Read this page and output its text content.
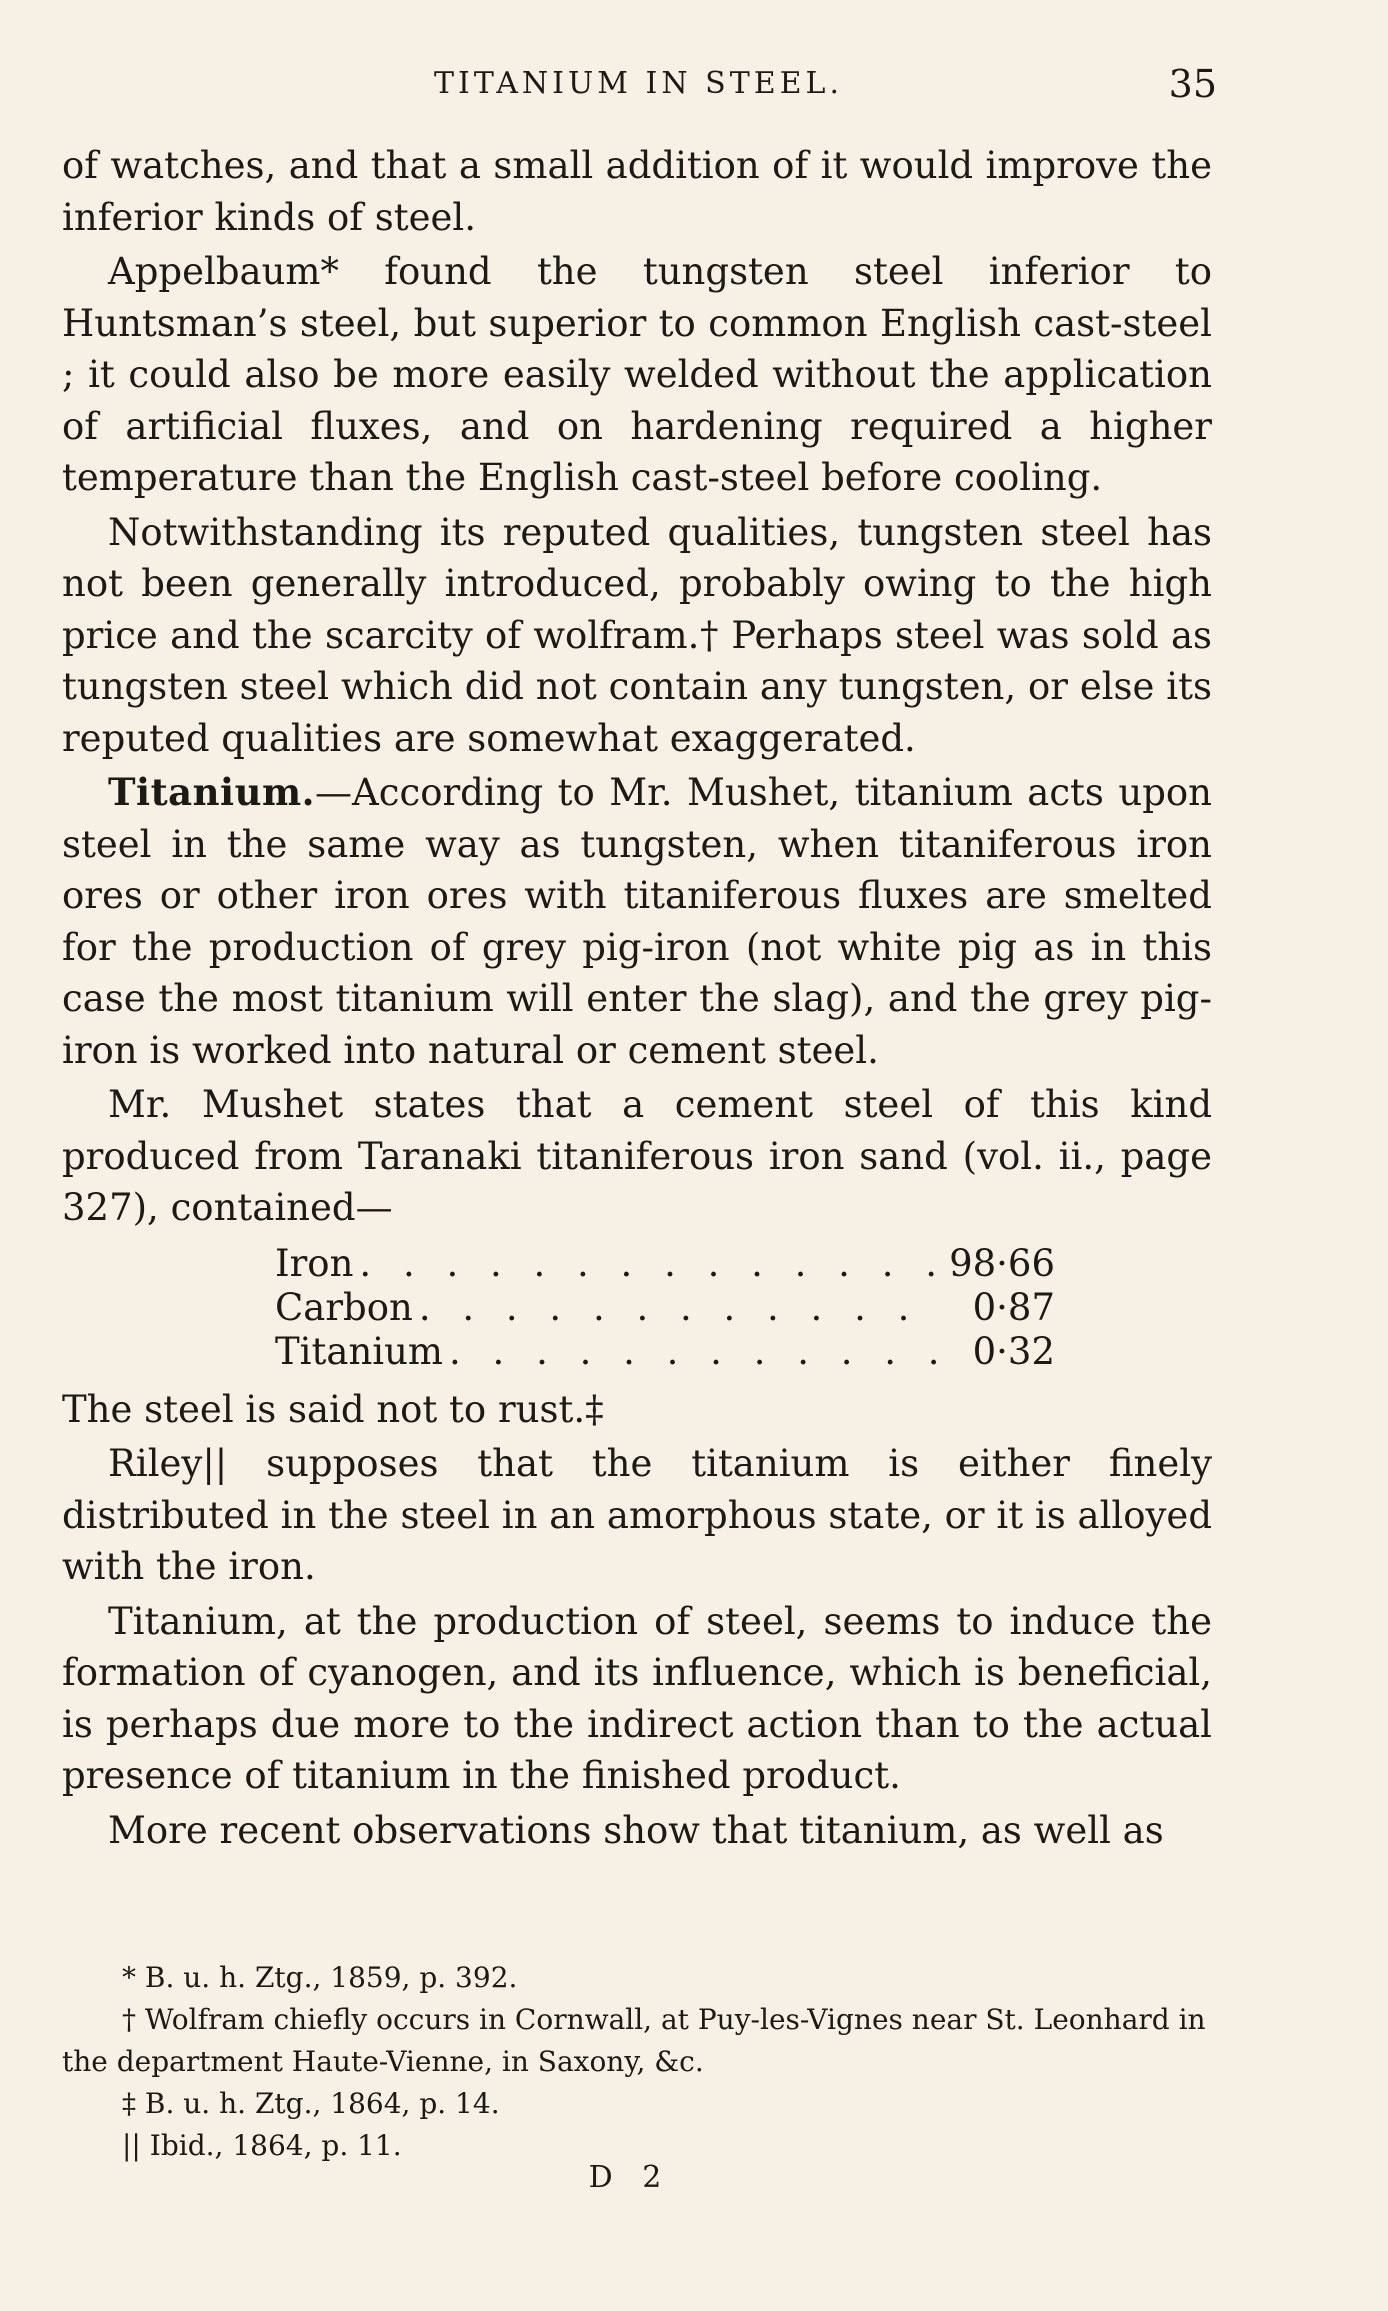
TITANIUM IN STEEL.	35

of watches, and that a small addition of it would improve the inferior kinds of steel.

Appelbaum* found the tungsten steel inferior to Huntsman’s steel, but superior to common English cast-steel ; it could also be more easily welded without the application of artificial fluxes, and on hardening required a higher temperature than the English cast-steel before cooling.

Notwithstanding its reputed qualities, tungsten steel has not been generally introduced, probably owing to the high price and the scarcity of wolfram.† Perhaps steel was sold as tungsten steel which did not contain any tungsten, or else its reputed qualities are somewhat exaggerated.

Titanium.—According to Mr. Mushet, titanium acts upon steel in the same way as tungsten, when titaniferous iron ores or other iron ores with titaniferous fluxes are smelted for the production of grey pig-iron (not white pig as in this case the most titanium will enter the slag), and the grey pig-iron is worked into natural or cement steel.

Mr. Mushet states that a cement steel of this kind produced from Taranaki titaniferous iron sand (vol. ii., page 327), contained—

Iron . . .	98·66
Carbon . . .	0·87
Titanium . . .	0·32

The steel is said not to rust.‡

Riley|| supposes that the titanium is either finely distributed in the steel in an amorphous state, or it is alloyed with the iron.

Titanium, at the production of steel, seems to induce the formation of cyanogen, and its influence, which is beneficial, is perhaps due more to the indirect action than to the actual presence of titanium in the finished product.

More recent observations show that titanium, as well as

* B. u. h. Ztg., 1859, p. 392.

† Wolfram chiefly occurs in Cornwall, at Puy-les-Vignes near St. Leonhard in the department Haute-Vienne, in Saxony, &c.

‡ B. u. h. Ztg., 1864, p. 14.

|| Ibid., 1864, p. 11.

D 2
